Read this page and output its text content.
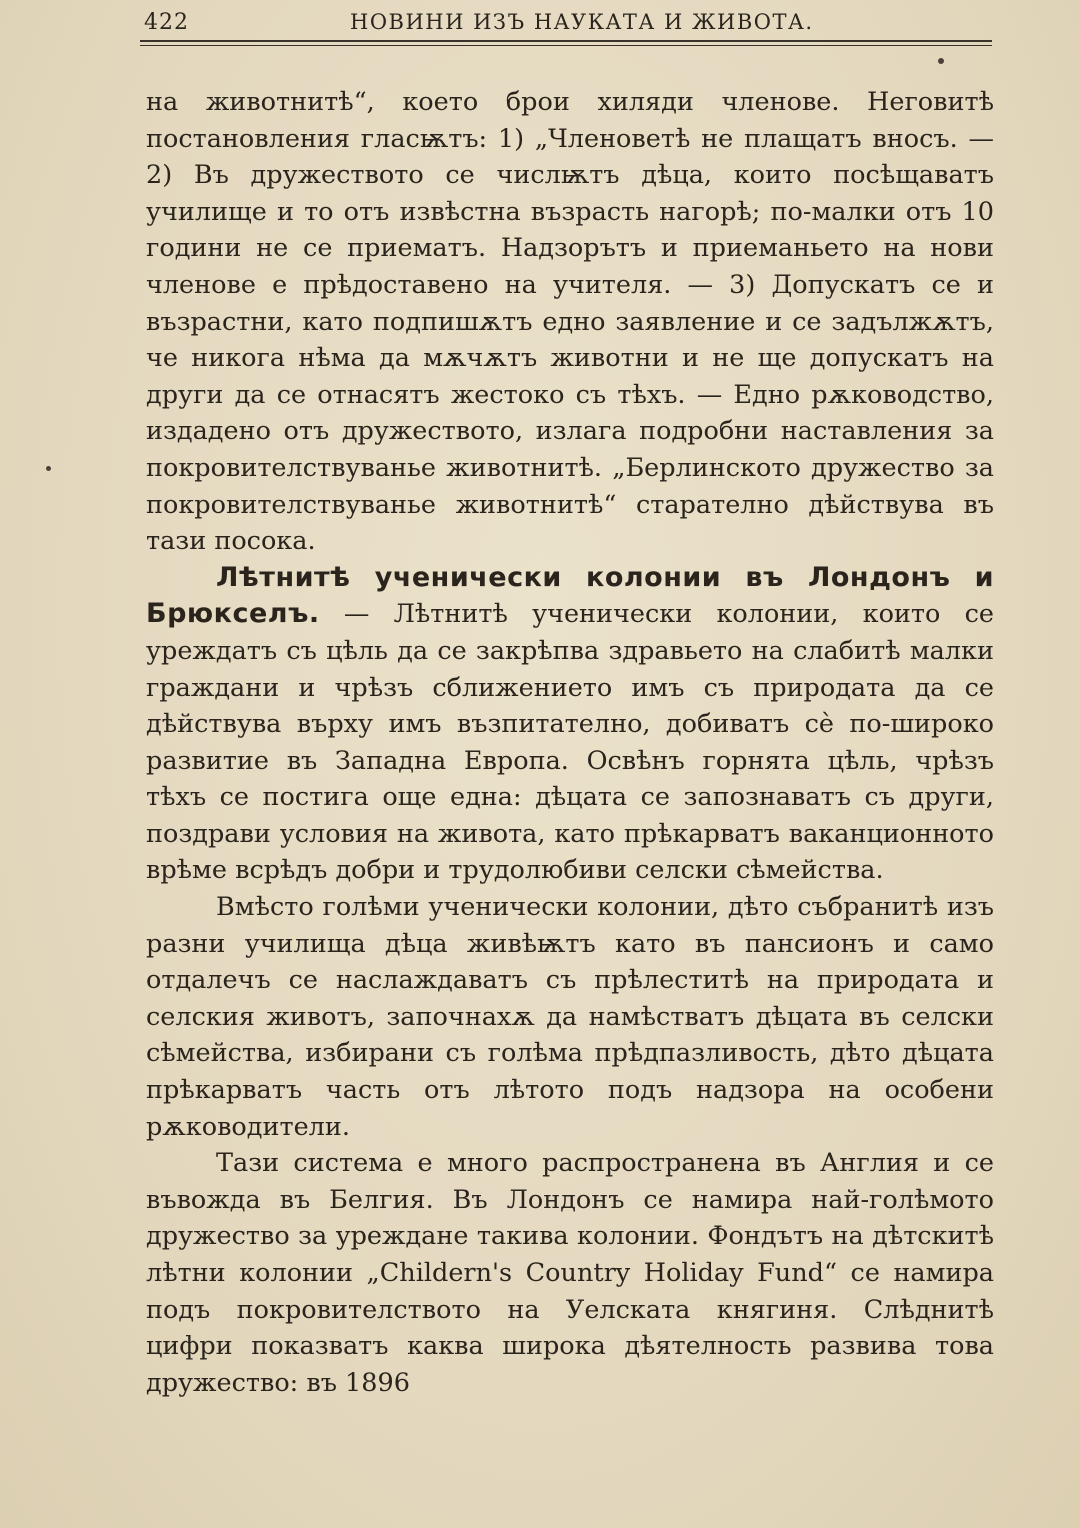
422	НОВИНИ ИЗЪ НАУКАТА И ЖИВОТА.

на животнитѣ“, което брои хиляди членове. Неговитѣ постановления гласѭтъ: 1) „Членоветѣ не плащатъ вносъ. — 2) Въ дружеството се числѭтъ дѣца, които посѣщаватъ училище и то отъ извѣстна възрасть нагорѣ; по-малки отъ 10 години не се приематъ. Надзорътъ и приеманьето на нови членове е прѣдоставено на учителя. — 3) Допускатъ се и възрастни, като подпишѫтъ едно заявление и се задължѫтъ, че никога нѣма да мѫчѫтъ животни и не ще допускатъ на други да се отнасятъ жестоко съ тѣхъ. — Едно рѫководство, издадено отъ дружеството, излага подробни наставления за покровителствуванье животнитѣ. „Берлинското дружество за покровителствуванье животнитѣ“ старателно дѣйствува въ тази посока.

Лѣтнитѣ ученически колонии въ Лондонъ и Брюкселъ. — Лѣтнитѣ ученически колонии, които се уреждатъ съ цѣль да се закрѣпва здравьето на слабитѣ малки граждани и чрѣзъ сближението имъ съ природата да се дѣйствува върху имъ възпитателно, добиватъ сѐ по-широко развитие въ Западна Европа. Освѣнъ горнята цѣль, чрѣзъ тѣхъ се постига още една: дѣцата се запознаватъ съ други, поздрави условия на живота, като прѣкарватъ ваканционното врѣме всрѣдъ добри и трудолюбиви селски сѣмейства.

Вмѣсто голѣми ученически колонии, дѣто събранитѣ изъ разни училища дѣца живѣѭтъ като въ пансионъ и само отдалечъ се наслаждаватъ съ прѣлеститѣ на природата и селския животъ, започнахѫ да намѣстватъ дѣцата въ селски сѣмейства, избирани съ голѣма прѣдпазливость, дѣто дѣцата прѣкарватъ часть отъ лѣтото подъ надзора на особени рѫководители.

Тази система е много распространена въ Англия и се въвожда въ Белгия. Въ Лондонъ се намира най-голѣмото дружество за уреждане такива колонии. Фондътъ на дѣтскитѣ лѣтни колонии „Childern's Country Holiday Fund“ се намира подъ покровителството на Уелската княгиня. Слѣднитѣ цифри показватъ каква широка дѣятелность развива това дружество: въ 1896
